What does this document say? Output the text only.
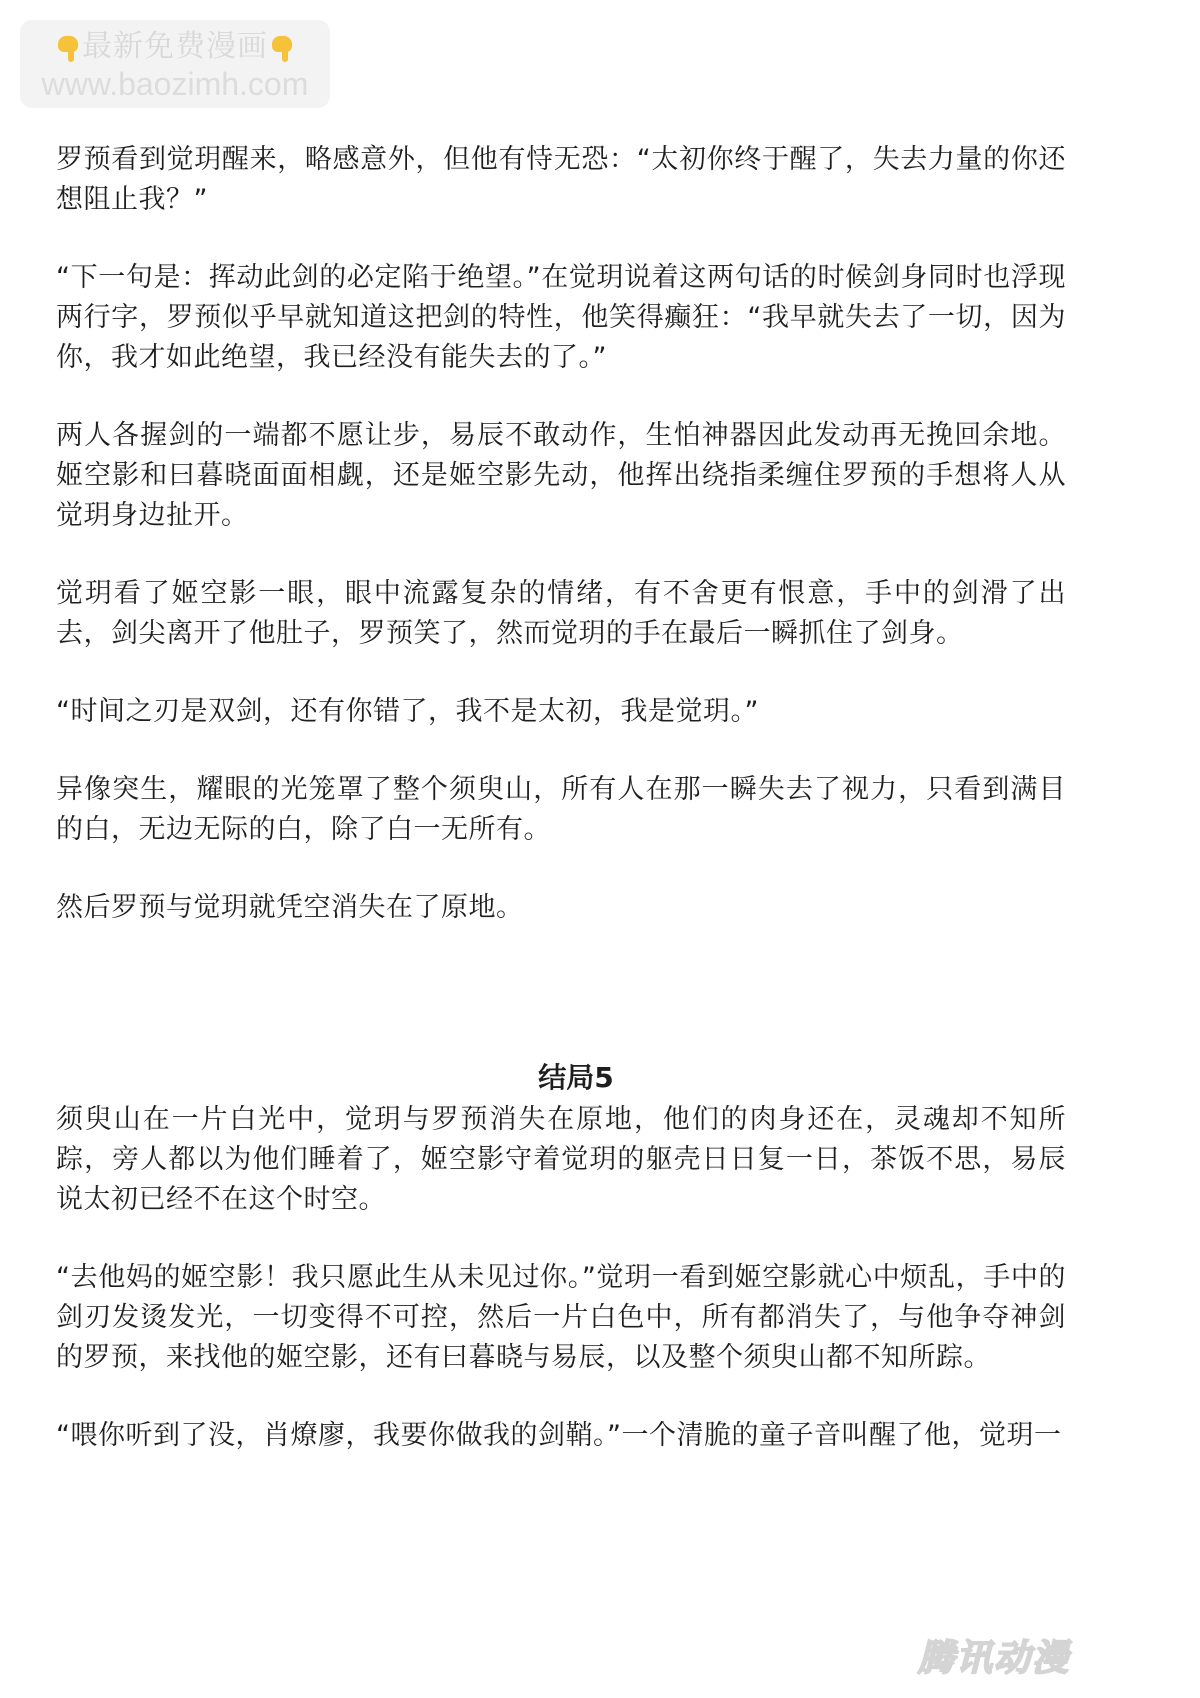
最新免费漫画
www.baozimh.com

罗预看到觉玥醒来，略感意外，但他有恃无恐：“太初你终于醒了，失去力量的你还想阻止我？”

“下一句是：挥动此剑的必定陷于绝望。”在觉玥说着这两句话的时候剑身同时也浮现两行字，罗预似乎早就知道这把剑的特性，他笑得癫狂：“我早就失去了一切，因为你，我才如此绝望，我已经没有能失去的了。”

两人各握剑的一端都不愿让步，易辰不敢动作，生怕神器因此发动再无挽回余地。姬空影和曰暮晓面面相觑，还是姬空影先动，他挥出绕指柔缠住罗预的手想将人从觉玥身边扯开。

觉玥看了姬空影一眼，眼中流露复杂的情绪，有不舍更有恨意，手中的剑滑了出去，剑尖离开了他肚子，罗预笑了，然而觉玥的手在最后一瞬抓住了剑身。

“时间之刃是双剑，还有你错了，我不是太初，我是觉玥。”

异像突生，耀眼的光笼罩了整个须臾山，所有人在那一瞬失去了视力，只看到满目的白，无边无际的白，除了白一无所有。

然后罗预与觉玥就凭空消失在了原地。

结局5

须臾山在一片白光中，觉玥与罗预消失在原地，他们的肉身还在，灵魂却不知所踪，旁人都以为他们睡着了，姬空影守着觉玥的躯壳日日复一日，茶饭不思，易辰说太初已经不在这个时空。

“去他妈的姬空影！我只愿此生从未见过你。”觉玥一看到姬空影就心中烦乱，手中的剑刃发烫发光，一切变得不可控，然后一片白色中，所有都消失了，与他争夺神剑的罗预，来找他的姬空影，还有曰暮晓与易辰，以及整个须臾山都不知所踪。

“喂你听到了没，肖燎廖，我要你做我的剑鞘。”一个清脆的童子音叫醒了他，觉玥一

腾讯动漫
